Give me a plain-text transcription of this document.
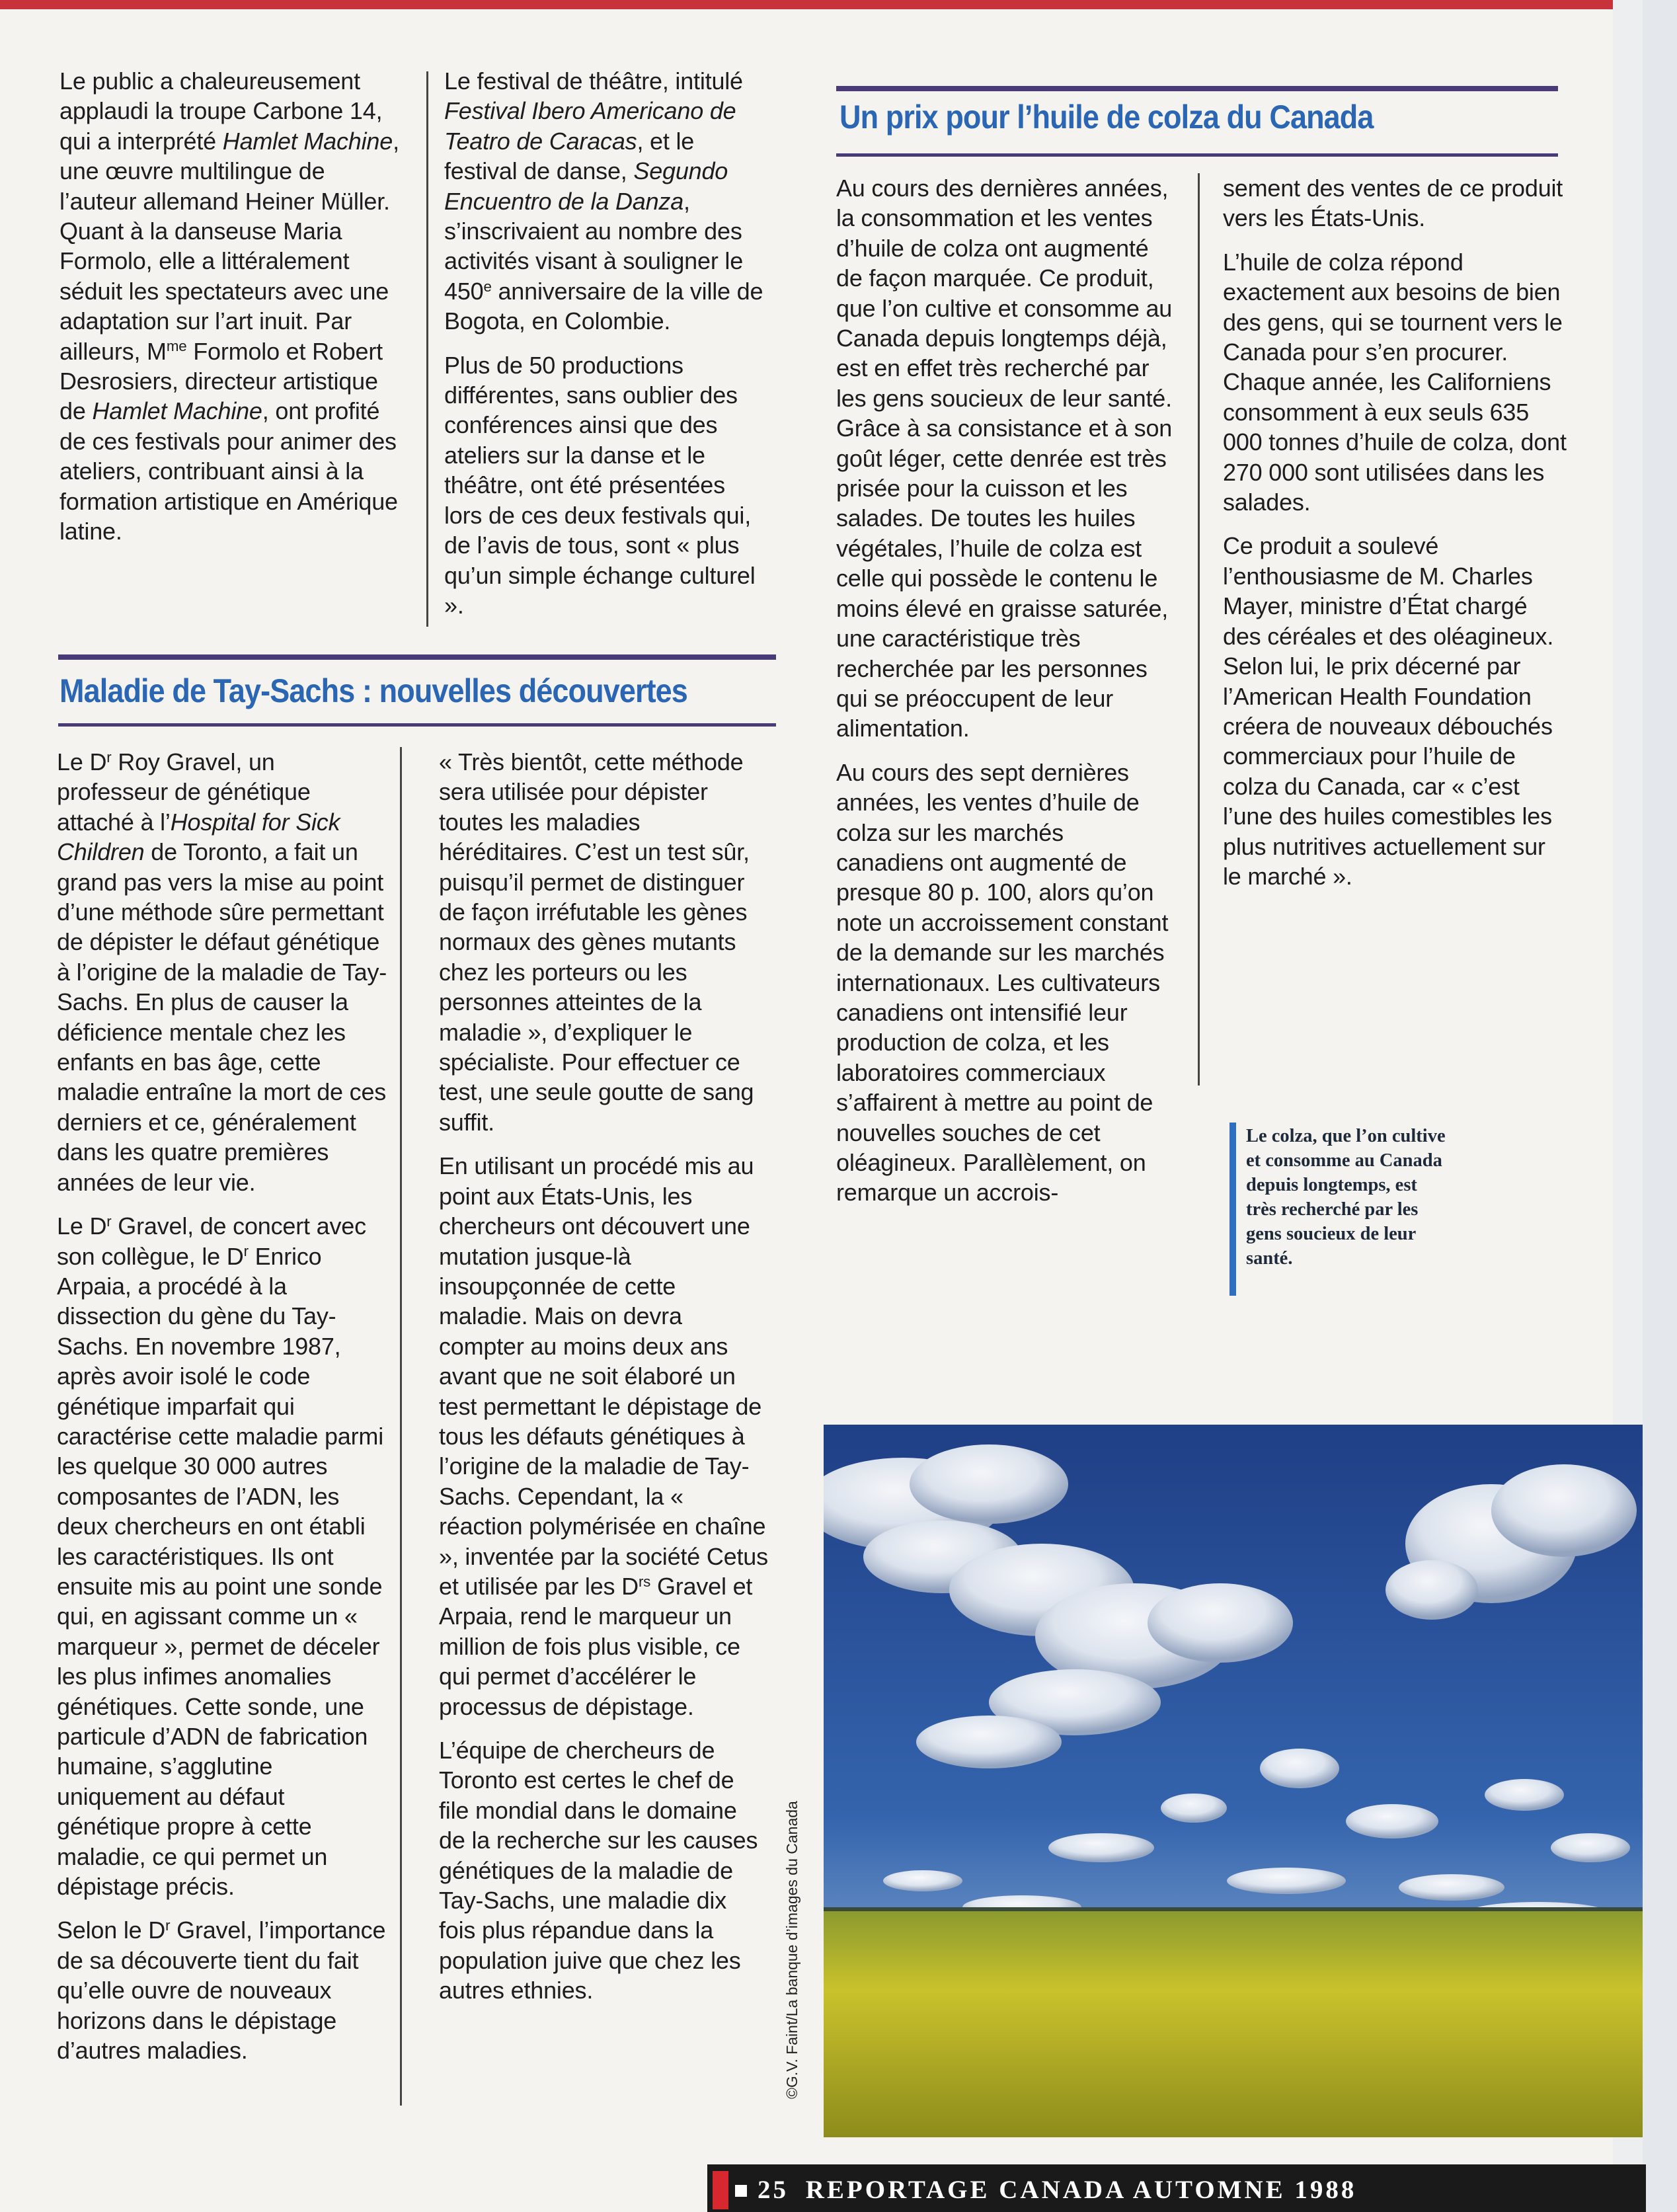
Le public a chaleureusement applaudi la troupe Carbone 14, qui a interprété Hamlet Machine, une œuvre multilingue de l’auteur allemand Heiner Müller. Quant à la danseuse Maria Formolo, elle a littéralement séduit les spectateurs avec une adaptation sur l’art inuit. Par ailleurs, $M^{me}$ Formolo et Robert Desrosiers, directeur artistique de Hamlet Machine, ont profité de ces festivals pour animer des ateliers, contribuant ainsi à la formation artistique en Amérique latine.

Le festival de théâtre, intitulé Festival Ibero Americano de Teatro de Caracas, et le festival de danse, Segundo Encuentro de la Danza, s’inscrivaient au nombre des activités visant à souligner le 450e anniversaire de la ville de Bogota, en Colombie.

Plus de 50 productions différentes, sans oublier des conférences ainsi que des ateliers sur la danse et le théâtre, ont été présentées lors de ces deux festivals qui, de l’avis de tous, sont « plus qu’un simple échange culturel ».

Maladie de Tay-Sachs : nouvelles découvertes

Le $D^r$ Roy Gravel, un professeur de génétique attaché à l’Hospital for Sick Children de Toronto, a fait un grand pas vers la mise au point d’une méthode sûre permettant de dépister le défaut génétique à l’origine de la maladie de Tay-Sachs. En plus de causer la déficience mentale chez les enfants en bas âge, cette maladie entraîne la mort de ces derniers et ce, généralement dans les quatre premières années de leur vie.

Le $D^r$ Gravel, de concert avec son collègue, le $D^r$ Enrico Arpaia, a procédé à la dissection du gène du Tay-Sachs. En novembre 1987, après avoir isolé le code génétique imparfait qui caractérise cette maladie parmi les quelque 30 000 autres composantes de l’ADN, les deux chercheurs en ont établi les caractéristiques. Ils ont ensuite mis au point une sonde qui, en agissant comme un « marqueur », permet de déceler les plus infimes anomalies génétiques. Cette sonde, une particule d’ADN de fabrication humaine, s’agglutine uniquement au défaut génétique propre à cette maladie, ce qui permet un dépistage précis.

Selon le $D^r$ Gravel, l’importance de sa découverte tient du fait qu’elle ouvre de nouveaux horizons dans le dépistage d’autres maladies.

« Très bientôt, cette méthode sera utilisée pour dépister toutes les maladies héréditaires. C’est un test sûr, puisqu’il permet de distinguer de façon irréfutable les gènes normaux des gènes mutants chez les porteurs ou les personnes atteintes de la maladie », d’expliquer le spécialiste. Pour effectuer ce test, une seule goutte de sang suffit.

En utilisant un procédé mis au point aux États-Unis, les chercheurs ont découvert une mutation jusque-là insoupçonnée de cette maladie. Mais on devra compter au moins deux ans avant que ne soit élaboré un test permettant le dépistage de tous les défauts génétiques à l’origine de la maladie de Tay-Sachs. Cependant, la « réaction polymérisée en chaîne », inventée par la société Cetus et utilisée par les $D^{rs}$ Gravel et Arpaia, rend le marqueur un million de fois plus visible, ce qui permet d’accélérer le processus de dépistage.

L’équipe de chercheurs de Toronto est certes le chef de file mondial dans le domaine de la recherche sur les causes génétiques de la maladie de Tay-Sachs, une maladie dix fois plus répandue dans la population juive que chez les autres ethnies.

Un prix pour l’huile de colza du Canada

Au cours des dernières années, la consommation et les ventes d’huile de colza ont augmenté de façon marquée. Ce produit, que l’on cultive et consomme au Canada depuis longtemps déjà, est en effet très recherché par les gens soucieux de leur santé. Grâce à sa consistance et à son goût léger, cette denrée est très prisée pour la cuisson et les salades. De toutes les huiles végétales, l’huile de colza est celle qui possède le contenu le moins élevé en graisse saturée, une caractéristique très recherchée par les personnes qui se préoccupent de leur alimentation.

Au cours des sept dernières années, les ventes d’huile de colza sur les marchés canadiens ont augmenté de presque 80 p. 100, alors qu’on note un accroissement constant de la demande sur les marchés internationaux. Les cultivateurs canadiens ont intensifié leur production de colza, et les laboratoires commerciaux s’affairent à mettre au point de nouvelles souches de cet oléagineux. Parallèlement, on remarque un accrois-

sement des ventes de ce produit vers les États-Unis.

L’huile de colza répond exactement aux besoins de bien des gens, qui se tournent vers le Canada pour s’en procurer. Chaque année, les Californiens consomment à eux seuls 635 000 tonnes d’huile de colza, dont 270 000 sont utilisées dans les salades.

Ce produit a soulevé l’enthousiasme de M. Charles Mayer, ministre d’État chargé des céréales et des oléagineux. Selon lui, le prix décerné par l’American Health Foundation créera de nouveaux débouchés commerciaux pour l’huile de colza du Canada, car « c’est l’une des huiles comestibles les plus nutritives actuellement sur le marché ».

Le colza, que l’on cultive et consomme au Canada depuis longtemps, est très recherché par les gens soucieux de leur santé.
©G.V. Faint/La banque d’images du Canada
25 REPORTAGE CANADA AUTOMNE 1988
